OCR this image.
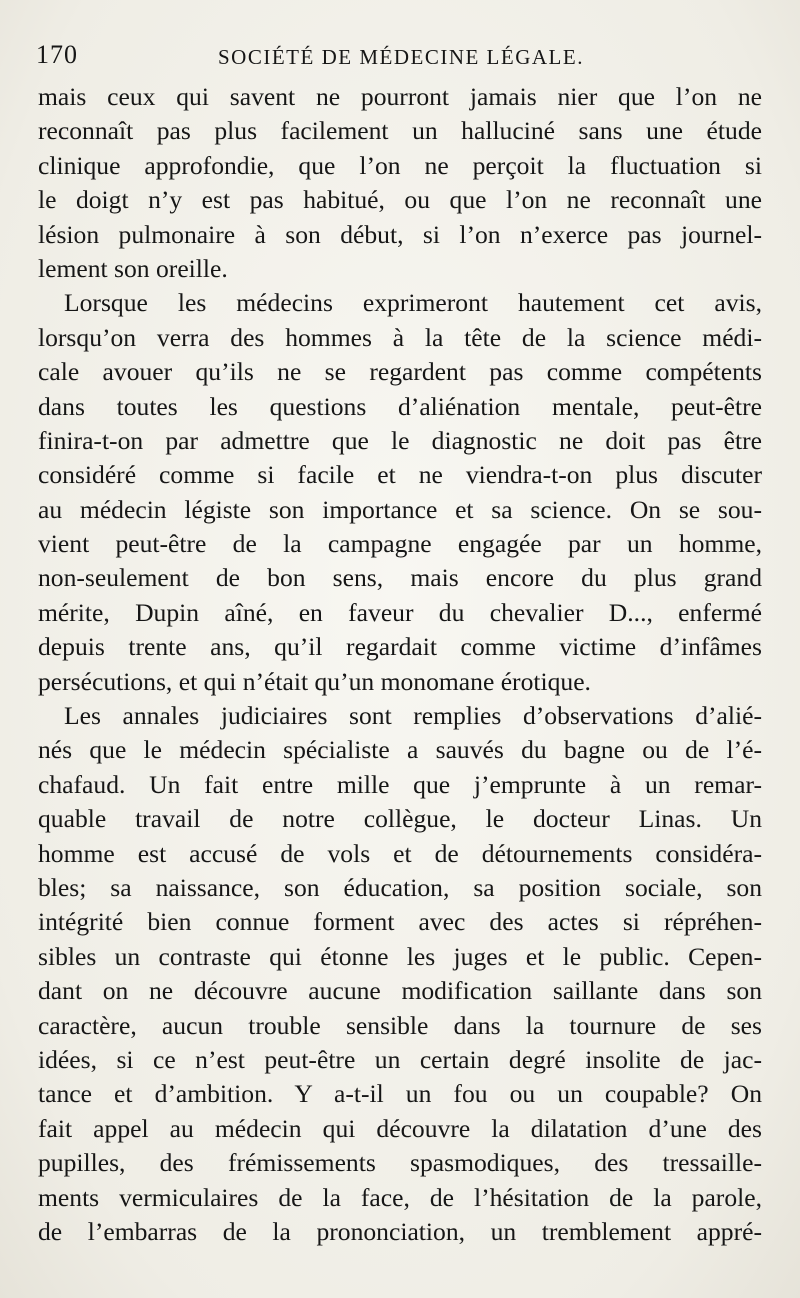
170	SOCIÉTÉ DE MÉDECINE LÉGALE.
mais ceux qui savent ne pourront jamais nier que l’on ne
reconnaît pas plus facilement un halluciné sans une étude
clinique approfondie, que l’on ne perçoit la fluctuation si
le doigt n’y est pas habitué, ou que l’on ne reconnaît une
lésion pulmonaire à son début, si l’on n’exerce pas journel-
lement son oreille.
Lorsque les médecins exprimeront hautement cet avis,
lorsqu’on verra des hommes à la tête de la science médi-
cale avouer qu’ils ne se regardent pas comme compétents
dans toutes les questions d’aliénation mentale, peut-être
finira-t-on par admettre que le diagnostic ne doit pas être
considéré comme si facile et ne viendra-t-on plus discuter
au médecin légiste son importance et sa science. On se sou-
vient peut-être de la campagne engagée par un homme,
non-seulement de bon sens, mais encore du plus grand
mérite, Dupin aîné, en faveur du chevalier D..., enfermé
depuis trente ans, qu’il regardait comme victime d’infâmes
persécutions, et qui n’était qu’un monomane érotique.
Les annales judiciaires sont remplies d’observations d’alié-
nés que le médecin spécialiste a sauvés du bagne ou de l’é-
chafaud. Un fait entre mille que j’emprunte à un remar-
quable travail de notre collègue, le docteur Linas. Un
homme est accusé de vols et de détournements considéra-
bles; sa naissance, son éducation, sa position sociale, son
intégrité bien connue forment avec des actes si répréhen-
sibles un contraste qui étonne les juges et le public. Cepen-
dant on ne découvre aucune modification saillante dans son
caractère, aucun trouble sensible dans la tournure de ses
idées, si ce n’est peut-être un certain degré insolite de jac-
tance et d’ambition. Y a-t-il un fou ou un coupable? On
fait appel au médecin qui découvre la dilatation d’une des
pupilles, des frémissements spasmodiques, des tressaille-
ments vermiculaires de la face, de l’hésitation de la parole,
de l’embarras de la prononciation, un tremblement appré-
